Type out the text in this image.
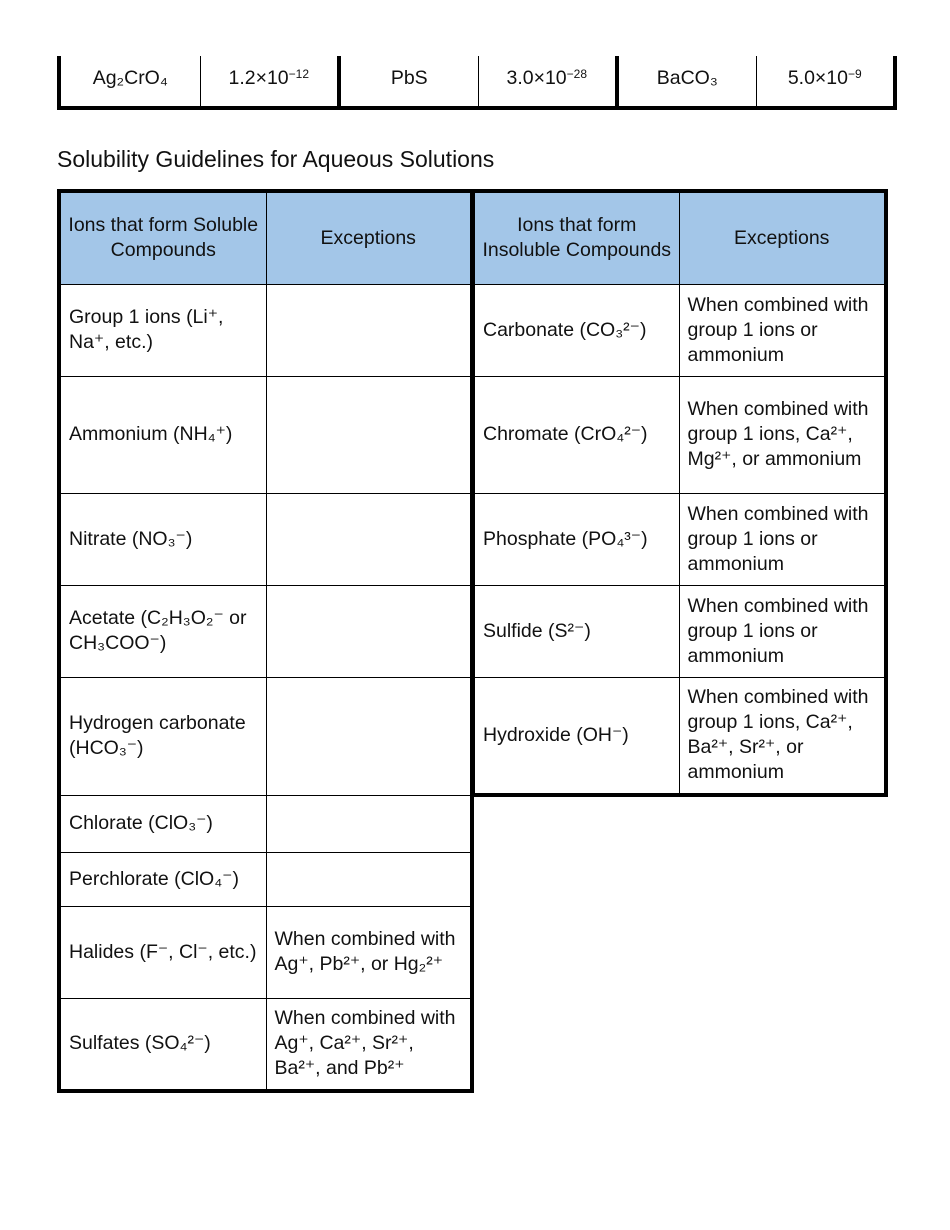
Ag₂CrO₄	$1.2\times 10^{-12}$	PbS	$3.0\times 10^{-28}$	BaCO₃	$5.0\times 10^{-9}$
Solubility Guidelines for Aqueous Solutions
Ions that form Soluble Compounds	Exceptions
Group 1 ions (Li⁺, Na⁺, etc.)	
Ammonium (NH₄⁺)	
Nitrate (NO₃⁻)	
Acetate (C₂H₃O₂⁻ or CH₃COO⁻)	
Hydrogen carbonate (HCO₃⁻)	
Chlorate (ClO₃⁻)	
Perchlorate (ClO₄⁻)	
Halides (F⁻, Cl⁻, etc.)	When combined with Ag⁺, Pb²⁺, or Hg₂²⁺
Sulfates (SO₄²⁻)	When combined with Ag⁺, Ca²⁺, Sr²⁺, Ba²⁺, and Pb²⁺
Ions that form Insoluble Compounds	Exceptions
Carbonate (CO₃²⁻)	When combined with group 1 ions or ammonium
Chromate (CrO₄²⁻)	When combined with group 1 ions, Ca²⁺, Mg²⁺, or ammonium
Phosphate (PO₄³⁻)	When combined with group 1 ions or ammonium
Sulfide (S²⁻)	When combined with group 1 ions or ammonium
Hydroxide (OH⁻)	When combined with group 1 ions, Ca²⁺, Ba²⁺, Sr²⁺, or ammonium
